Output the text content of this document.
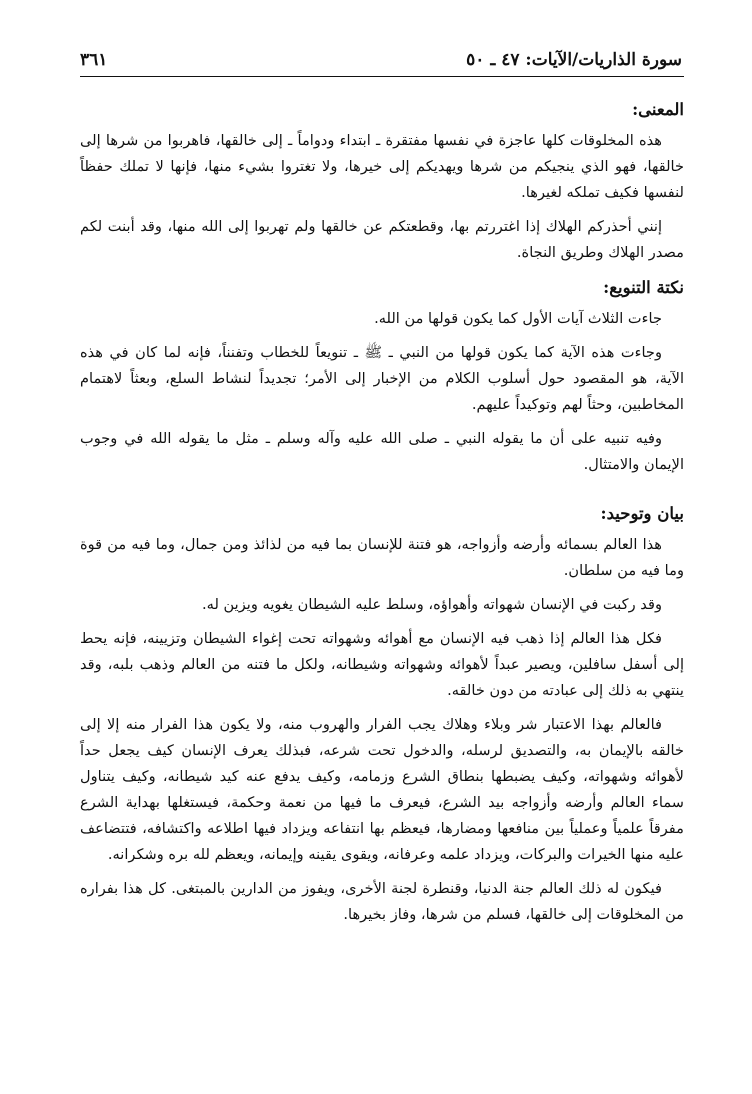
سورة الذاريات/الآيات: ٤٧ ـ ٥٠
٣٦١
المعنى:

هذه المخلوقات كلها عاجزة في نفسها مفتقرة ـ ابتداء ودواماً ـ إلى خالقها، فاهربوا من شرها إلى خالقها، فهو الذي ينجيكم من شرها ويهديكم إلى خيرها، ولا تغتروا بشيء منها، فإنها لا تملك حفظاً لنفسها فكيف تملكه لغيرها.

إنني أحذركم الهلاك إذا اغتررتم بها، وقطعتكم عن خالقها ولم تهربوا إلى الله منها، وقد أبنت لكم مصدر الهلاك وطريق النجاة.

نكتة التنويع:

جاءت الثلاث آيات الأول كما يكون قولها من الله.

وجاءت هذه الآية كما يكون قولها من النبي ـ ﷺ ـ تنويعاً للخطاب وتفنناً، فإنه لما كان في هذه الآية، هو المقصود حول أسلوب الكلام من الإخبار إلى الأمر؛ تجديداً لنشاط السلع، وبعثاً لاهتمام المخاطبين، وحثاً لهم وتوكيداً عليهم.

وفيه تنبيه على أن ما يقوله النبي ـ صلى الله عليه وآله وسلم ـ مثل ما يقوله الله في وجوب الإيمان والامتثال.

بيان وتوحيد:

هذا العالم بسمائه وأرضه وأزواجه، هو فتنة للإنسان بما فيه من لذائذ ومن جمال، وما فيه من قوة وما فيه من سلطان.

وقد ركبت في الإنسان شهواته وأهواؤه، وسلط عليه الشيطان يغويه ويزين له.

فكل هذا العالم إذا ذهب فيه الإنسان مع أهوائه وشهواته تحت إغواء الشيطان وتزيينه، فإنه يحط إلى أسفل سافلين، ويصير عبداً لأهوائه وشهواته وشيطانه، ولكل ما فتنه من العالم وذهب بلبه، وقد ينتهي به ذلك إلى عبادته من دون خالقه.

فالعالم بهذا الاعتبار شر وبلاء وهلاك يجب الفرار والهروب منه، ولا يكون هذا الفرار منه إلا إلى خالقه بالإيمان به، والتصديق لرسله، والدخول تحت شرعه، فبذلك يعرف الإنسان كيف يجعل حداً لأهوائه وشهواته، وكيف يضبطها بنطاق الشرع وزمامه، وكيف يدفع عنه كيد شيطانه، وكيف يتناول سماء العالم وأرضه وأزواجه بيد الشرع، فيعرف ما فيها من نعمة وحكمة، فيستغلها بهداية الشرع مفرقاً علمياً وعملياً بين منافعها ومضارها، فيعظم بها انتفاعه ويزداد فيها اطلاعه واكتشافه، فتتضاعف عليه منها الخيرات والبركات، ويزداد علمه وعرفانه، ويقوى يقينه وإيمانه، ويعظم لله بره وشكرانه.

فيكون له ذلك العالم جنة الدنيا، وقنطرة لجنة الأخرى، ويفوز من الدارين بالمبتغى. كل هذا بفراره من المخلوقات إلى خالقها، فسلم من شرها، وفاز بخيرها.
